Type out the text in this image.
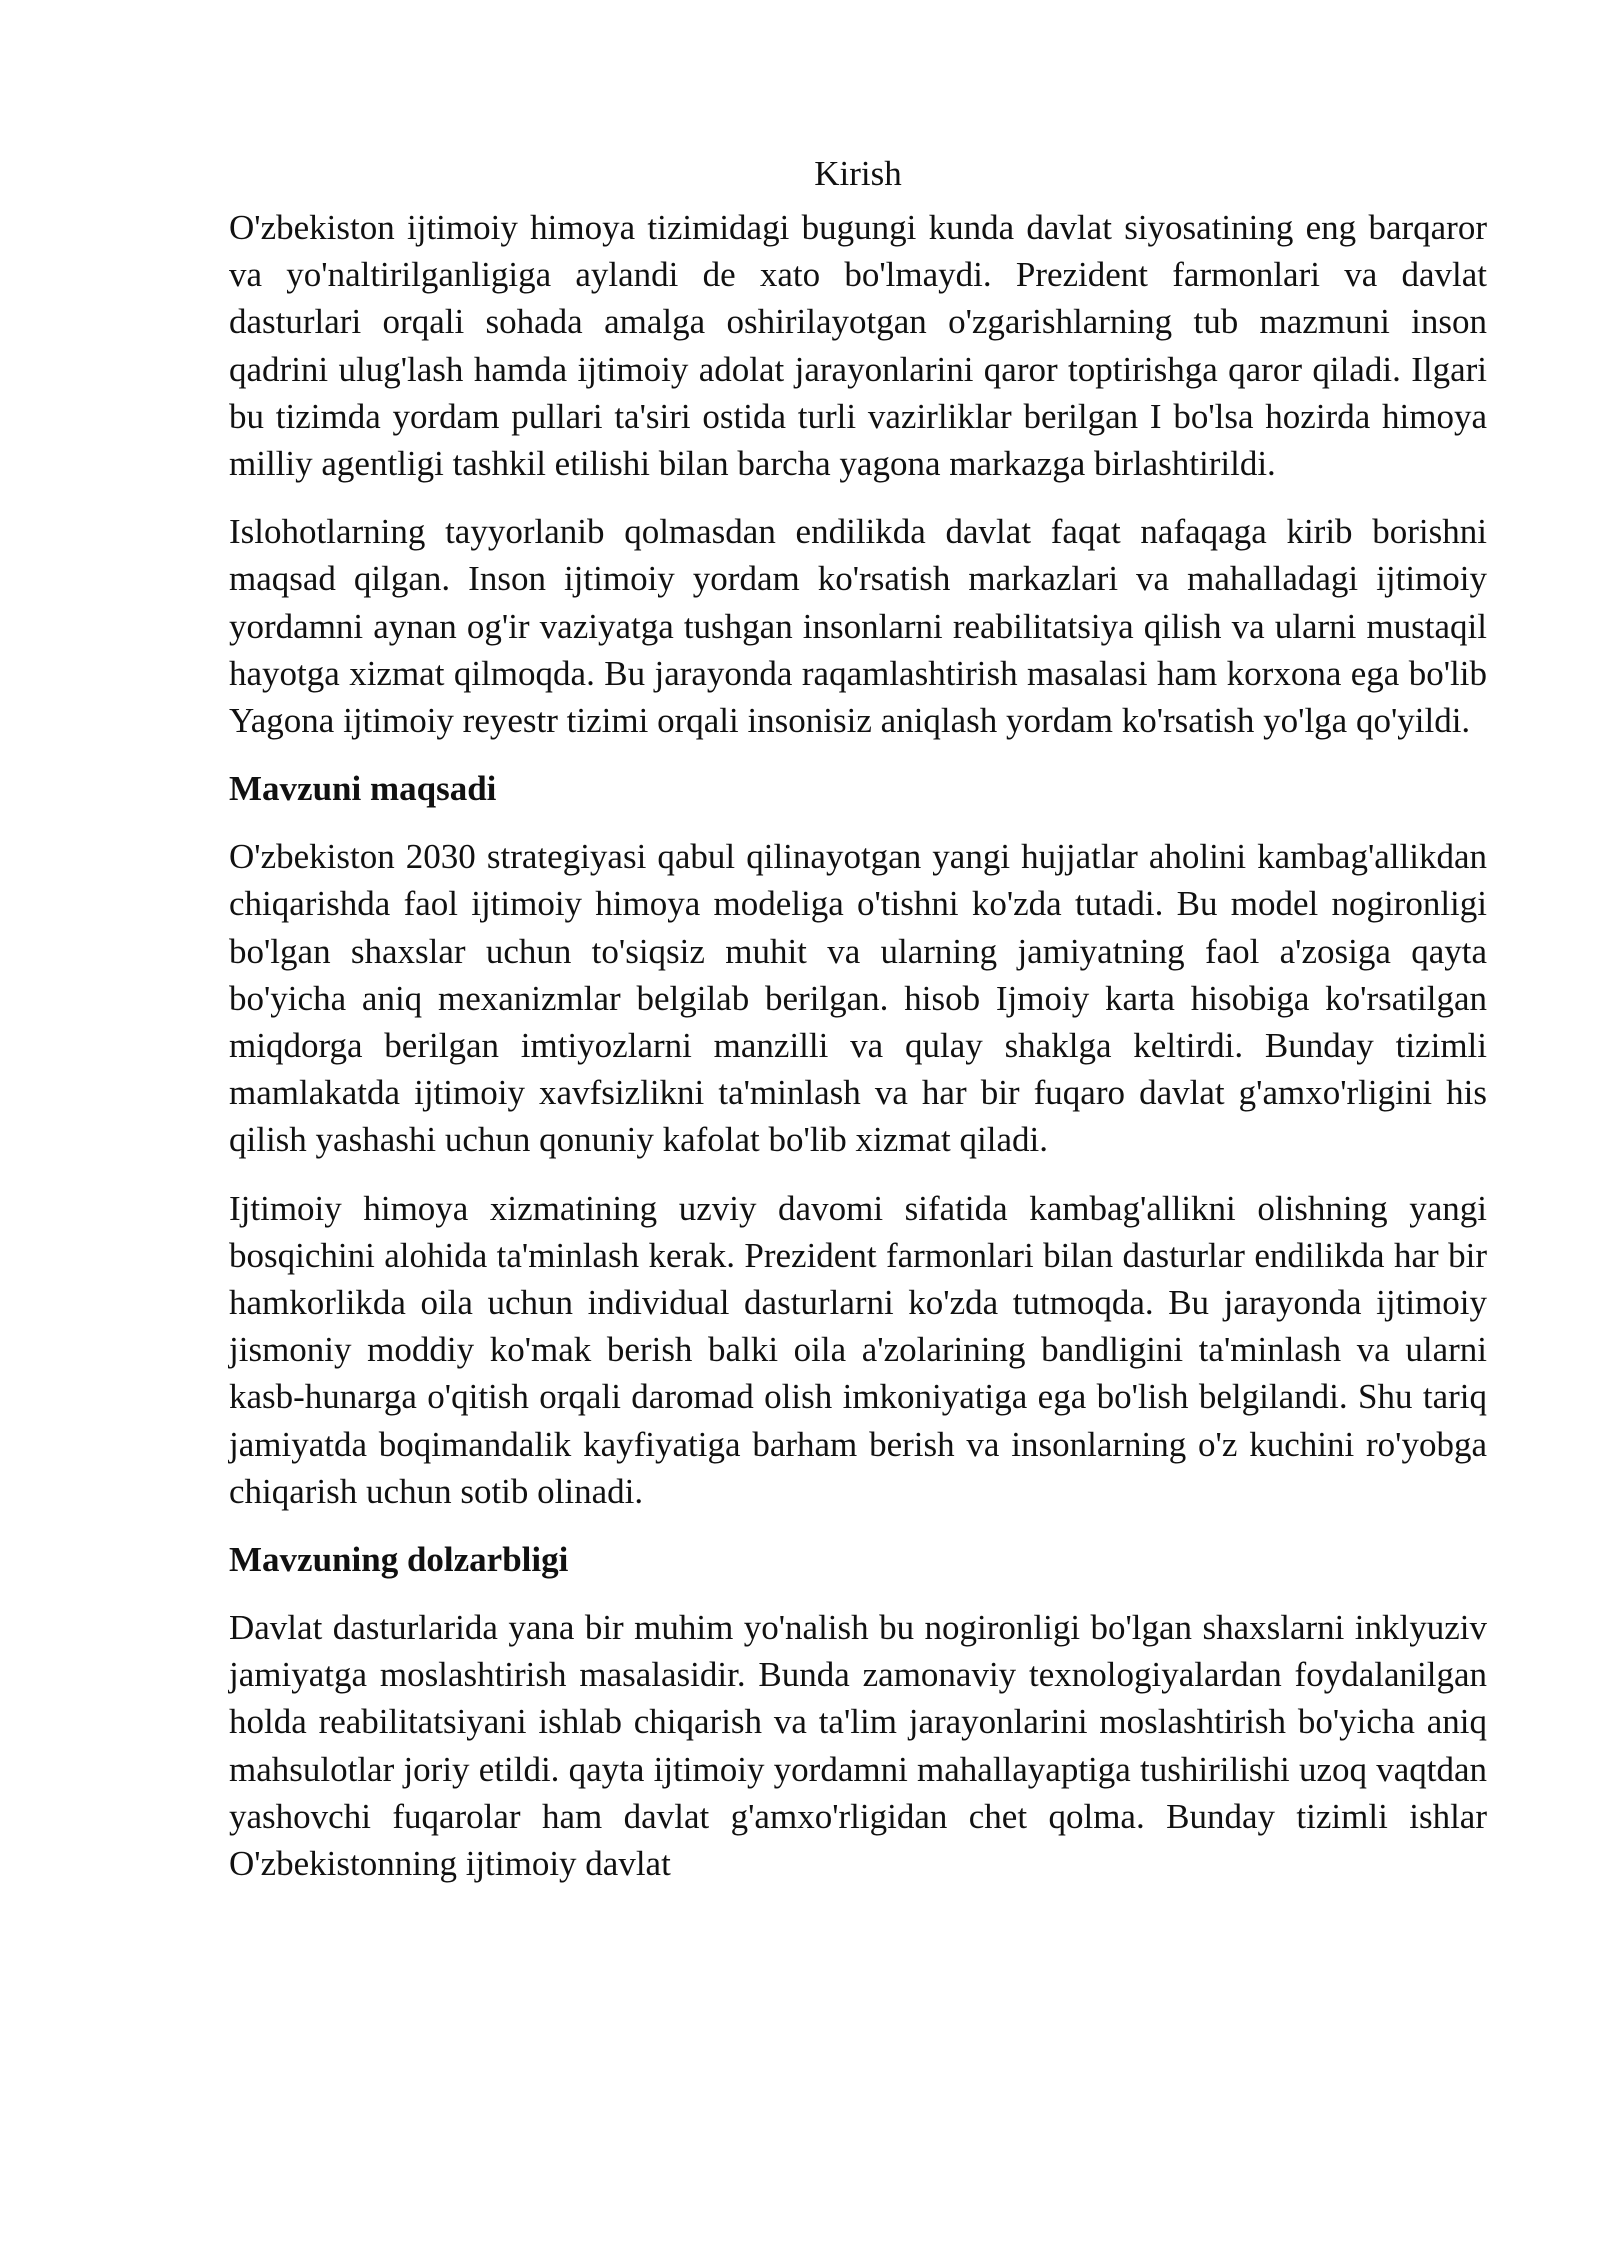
Kirish

O'zbekiston ijtimoiy himoya tizimidagi bugungi kunda davlat siyosatining eng barqaror va yo'naltirilganligiga aylandi de xato bo'lmaydi. Prezident farmonlari va davlat dasturlari orqali sohada amalga oshirilayotgan o'zgarishlarning tub mazmuni inson qadrini ulug'lash hamda ijtimoiy adolat jarayonlarini qaror toptirishga qaror qiladi. Ilgari bu tizimda yordam pullari ta'siri ostida turli vazirliklar berilgan I bo'lsa hozirda himoya milliy agentligi tashkil etilishi bilan barcha yagona markazga birlashtirildi.

Islohotlarning tayyorlanib qolmasdan endilikda davlat faqat nafaqaga kirib borishni maqsad qilgan. Inson ijtimoiy yordam ko'rsatish markazlari va mahalladagi ijtimoiy yordamni aynan og'ir vaziyatga tushgan insonlarni reabilitatsiya qilish va ularni mustaqil hayotga xizmat qilmoqda. Bu jarayonda raqamlashtirish masalasi ham korxona ega bo'lib Yagona ijtimoiy reyestr tizimi orqali insonisiz aniqlash yordam ko'rsatish yo'lga qo'yildi.

Mavzuni maqsadi

O'zbekiston 2030 strategiyasi qabul qilinayotgan yangi hujjatlar aholini kambag'allikdan chiqarishda faol ijtimoiy himoya modeliga o'tishni ko'zda tutadi. Bu model nogironligi bo'lgan shaxslar uchun to'siqsiz muhit va ularning jamiyatning faol a'zosiga qayta bo'yicha aniq mexanizmlar belgilab berilgan. hisob Ijmoiy karta hisobiga ko'rsatilgan miqdorga berilgan imtiyozlarni manzilli va qulay shaklga keltirdi. Bunday tizimli mamlakatda ijtimoiy xavfsizlikni ta'minlash va har bir fuqaro davlat g'amxo'rligini his qilish yashashi uchun qonuniy kafolat bo'lib xizmat qiladi.

Ijtimoiy himoya xizmatining uzviy davomi sifatida kambag'allikni olishning yangi bosqichini alohida ta'minlash kerak. Prezident farmonlari bilan dasturlar endilikda har bir hamkorlikda oila uchun individual dasturlarni ko'zda tutmoqda. Bu jarayonda ijtimoiy jismoniy moddiy ko'mak berish balki oila a'zolarining bandligini ta'minlash va ularni kasb-hunarga o'qitish orqali daromad olish imkoniyatiga ega bo'lish belgilandi. Shu tariq jamiyatda boqimandalik kayfiyatiga barham berish va insonlarning o'z kuchini ro'yobga chiqarish uchun sotib olinadi.

Mavzuning dolzarbligi

Davlat dasturlarida yana bir muhim yo'nalish bu nogironligi bo'lgan shaxslarni inklyuziv jamiyatga moslashtirish masalasidir. Bunda zamonaviy texnologiyalardan foydalanilgan holda reabilitatsiyani ishlab chiqarish va ta'lim jarayonlarini moslashtirish bo'yicha aniq mahsulotlar joriy etildi. qayta ijtimoiy yordamni mahallayaptiga tushirilishi uzoq vaqtdan yashovchi fuqarolar ham davlat g'amxo'rligidan chet qolma. Bunday tizimli ishlar O'zbekistonning ijtimoiy davlat
